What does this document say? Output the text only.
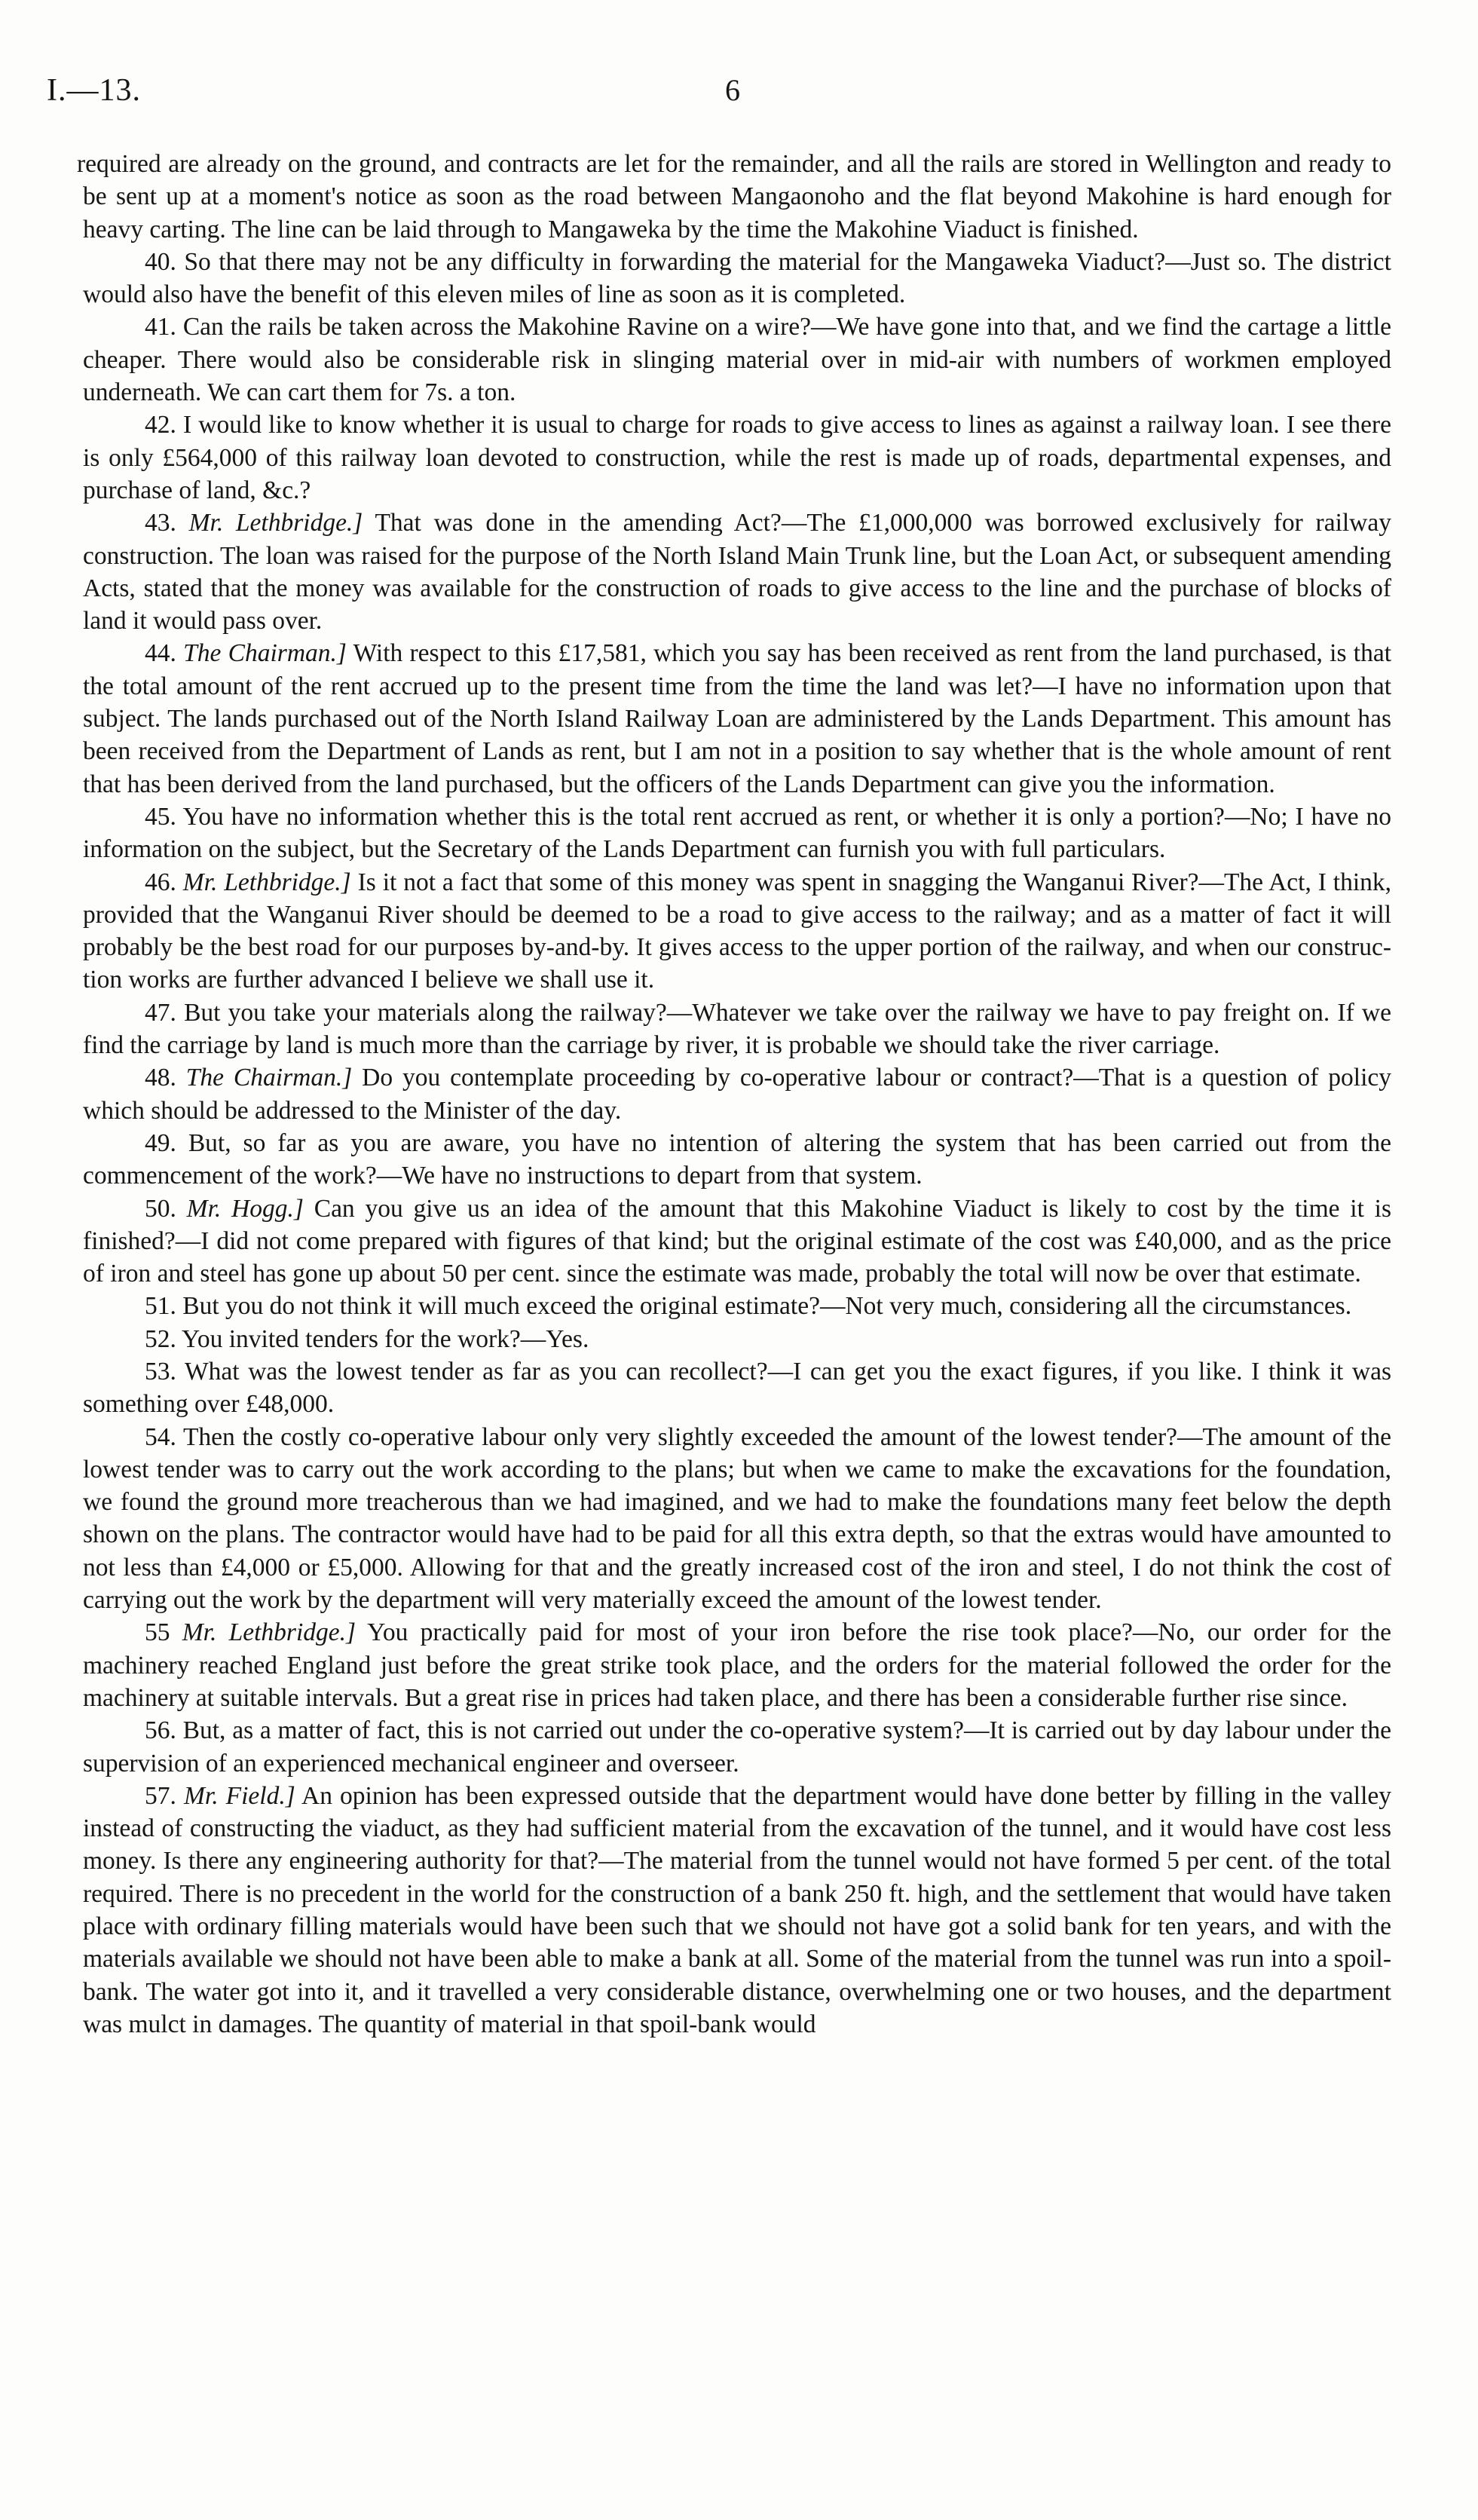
I.—13.	6

required are already on the ground, and contracts are let for the remainder, and all the rails are stored in Wellington and ready to be sent up at a moment's notice as soon as the road between Mangaonoho and the flat beyond Makohine is hard enough for heavy carting. The line can be laid through to Mangaweka by the time the Makohine Viaduct is finished.

40. So that there may not be any difficulty in forwarding the material for the Mangaweka Viaduct?—Just so. The district would also have the benefit of this eleven miles of line as soon as it is completed.

41. Can the rails be taken across the Makohine Ravine on a wire?—We have gone into that, and we find the cartage a little cheaper. There would also be considerable risk in slinging material over in mid-air with numbers of workmen employed underneath. We can cart them for 7s. a ton.

42. I would like to know whether it is usual to charge for roads to give access to lines as against a railway loan. I see there is only £564,000 of this railway loan devoted to construction, while the rest is made up of roads, departmental expenses, and purchase of land, &c.?

43. Mr. Lethbridge.] That was done in the amending Act?—The £1,000,000 was borrowed exclusively for railway construction. The loan was raised for the purpose of the North Island Main Trunk line, but the Loan Act, or subsequent amending Acts, stated that the money was available for the construction of roads to give access to the line and the purchase of blocks of land it would pass over.

44. The Chairman.] With respect to this £17,581, which you say has been received as rent from the land purchased, is that the total amount of the rent accrued up to the present time from the time the land was let?—I have no information upon that subject. The lands purchased out of the North Island Railway Loan are administered by the Lands Department. This amount has been received from the Department of Lands as rent, but I am not in a position to say whether that is the whole amount of rent that has been derived from the land purchased, but the officers of the Lands Department can give you the information.

45. You have no information whether this is the total rent accrued as rent, or whether it is only a portion?—No; I have no information on the subject, but the Secretary of the Lands Department can furnish you with full particulars.

46. Mr. Lethbridge.] Is it not a fact that some of this money was spent in snagging the Wanganui River?—The Act, I think, provided that the Wanganui River should be deemed to be a road to give access to the railway; and as a matter of fact it will probably be the best road for our purposes by-and-by. It gives access to the upper portion of the railway, and when our construction works are further advanced I believe we shall use it.

47. But you take your materials along the railway?—Whatever we take over the railway we have to pay freight on. If we find the carriage by land is much more than the carriage by river, it is probable we should take the river carriage.

48. The Chairman.] Do you contemplate proceeding by co-operative labour or contract?—That is a question of policy which should be addressed to the Minister of the day.

49. But, so far as you are aware, you have no intention of altering the system that has been carried out from the commencement of the work?—We have no instructions to depart from that system.

50. Mr. Hogg.] Can you give us an idea of the amount that this Makohine Viaduct is likely to cost by the time it is finished?—I did not come prepared with figures of that kind; but the original estimate of the cost was £40,000, and as the price of iron and steel has gone up about 50 per cent. since the estimate was made, probably the total will now be over that estimate.

51. But you do not think it will much exceed the original estimate?—Not very much, considering all the circumstances.

52. You invited tenders for the work?—Yes.

53. What was the lowest tender as far as you can recollect?—I can get you the exact figures, if you like. I think it was something over £48,000.

54. Then the costly co-operative labour only very slightly exceeded the amount of the lowest tender?—The amount of the lowest tender was to carry out the work according to the plans; but when we came to make the excavations for the foundation, we found the ground more treacherous than we had imagined, and we had to make the foundations many feet below the depth shown on the plans. The contractor would have had to be paid for all this extra depth, so that the extras would have amounted to not less than £4,000 or £5,000. Allowing for that and the greatly increased cost of the iron and steel, I do not think the cost of carrying out the work by the department will very materially exceed the amount of the lowest tender.

55 Mr. Lethbridge.] You practically paid for most of your iron before the rise took place?—No, our order for the machinery reached England just before the great strike took place, and the orders for the material followed the order for the machinery at suitable intervals. But a great rise in prices had taken place, and there has been a considerable further rise since.

56. But, as a matter of fact, this is not carried out under the co-operative system?—It is carried out by day labour under the supervision of an experienced mechanical engineer and overseer.

57. Mr. Field.] An opinion has been expressed outside that the department would have done better by filling in the valley instead of constructing the viaduct, as they had sufficient material from the excavation of the tunnel, and it would have cost less money. Is there any engineering authority for that?—The material from the tunnel would not have formed 5 per cent. of the total required. There is no precedent in the world for the construction of a bank 250 ft. high, and the settlement that would have taken place with ordinary filling materials would have been such that we should not have got a solid bank for ten years, and with the materials available we should not have been able to make a bank at all. Some of the material from the tunnel was run into a spoil-bank. The water got into it, and it travelled a very considerable distance, overwhelming one or two houses, and the department was mulct in damages. The quantity of material in that spoil-bank would
